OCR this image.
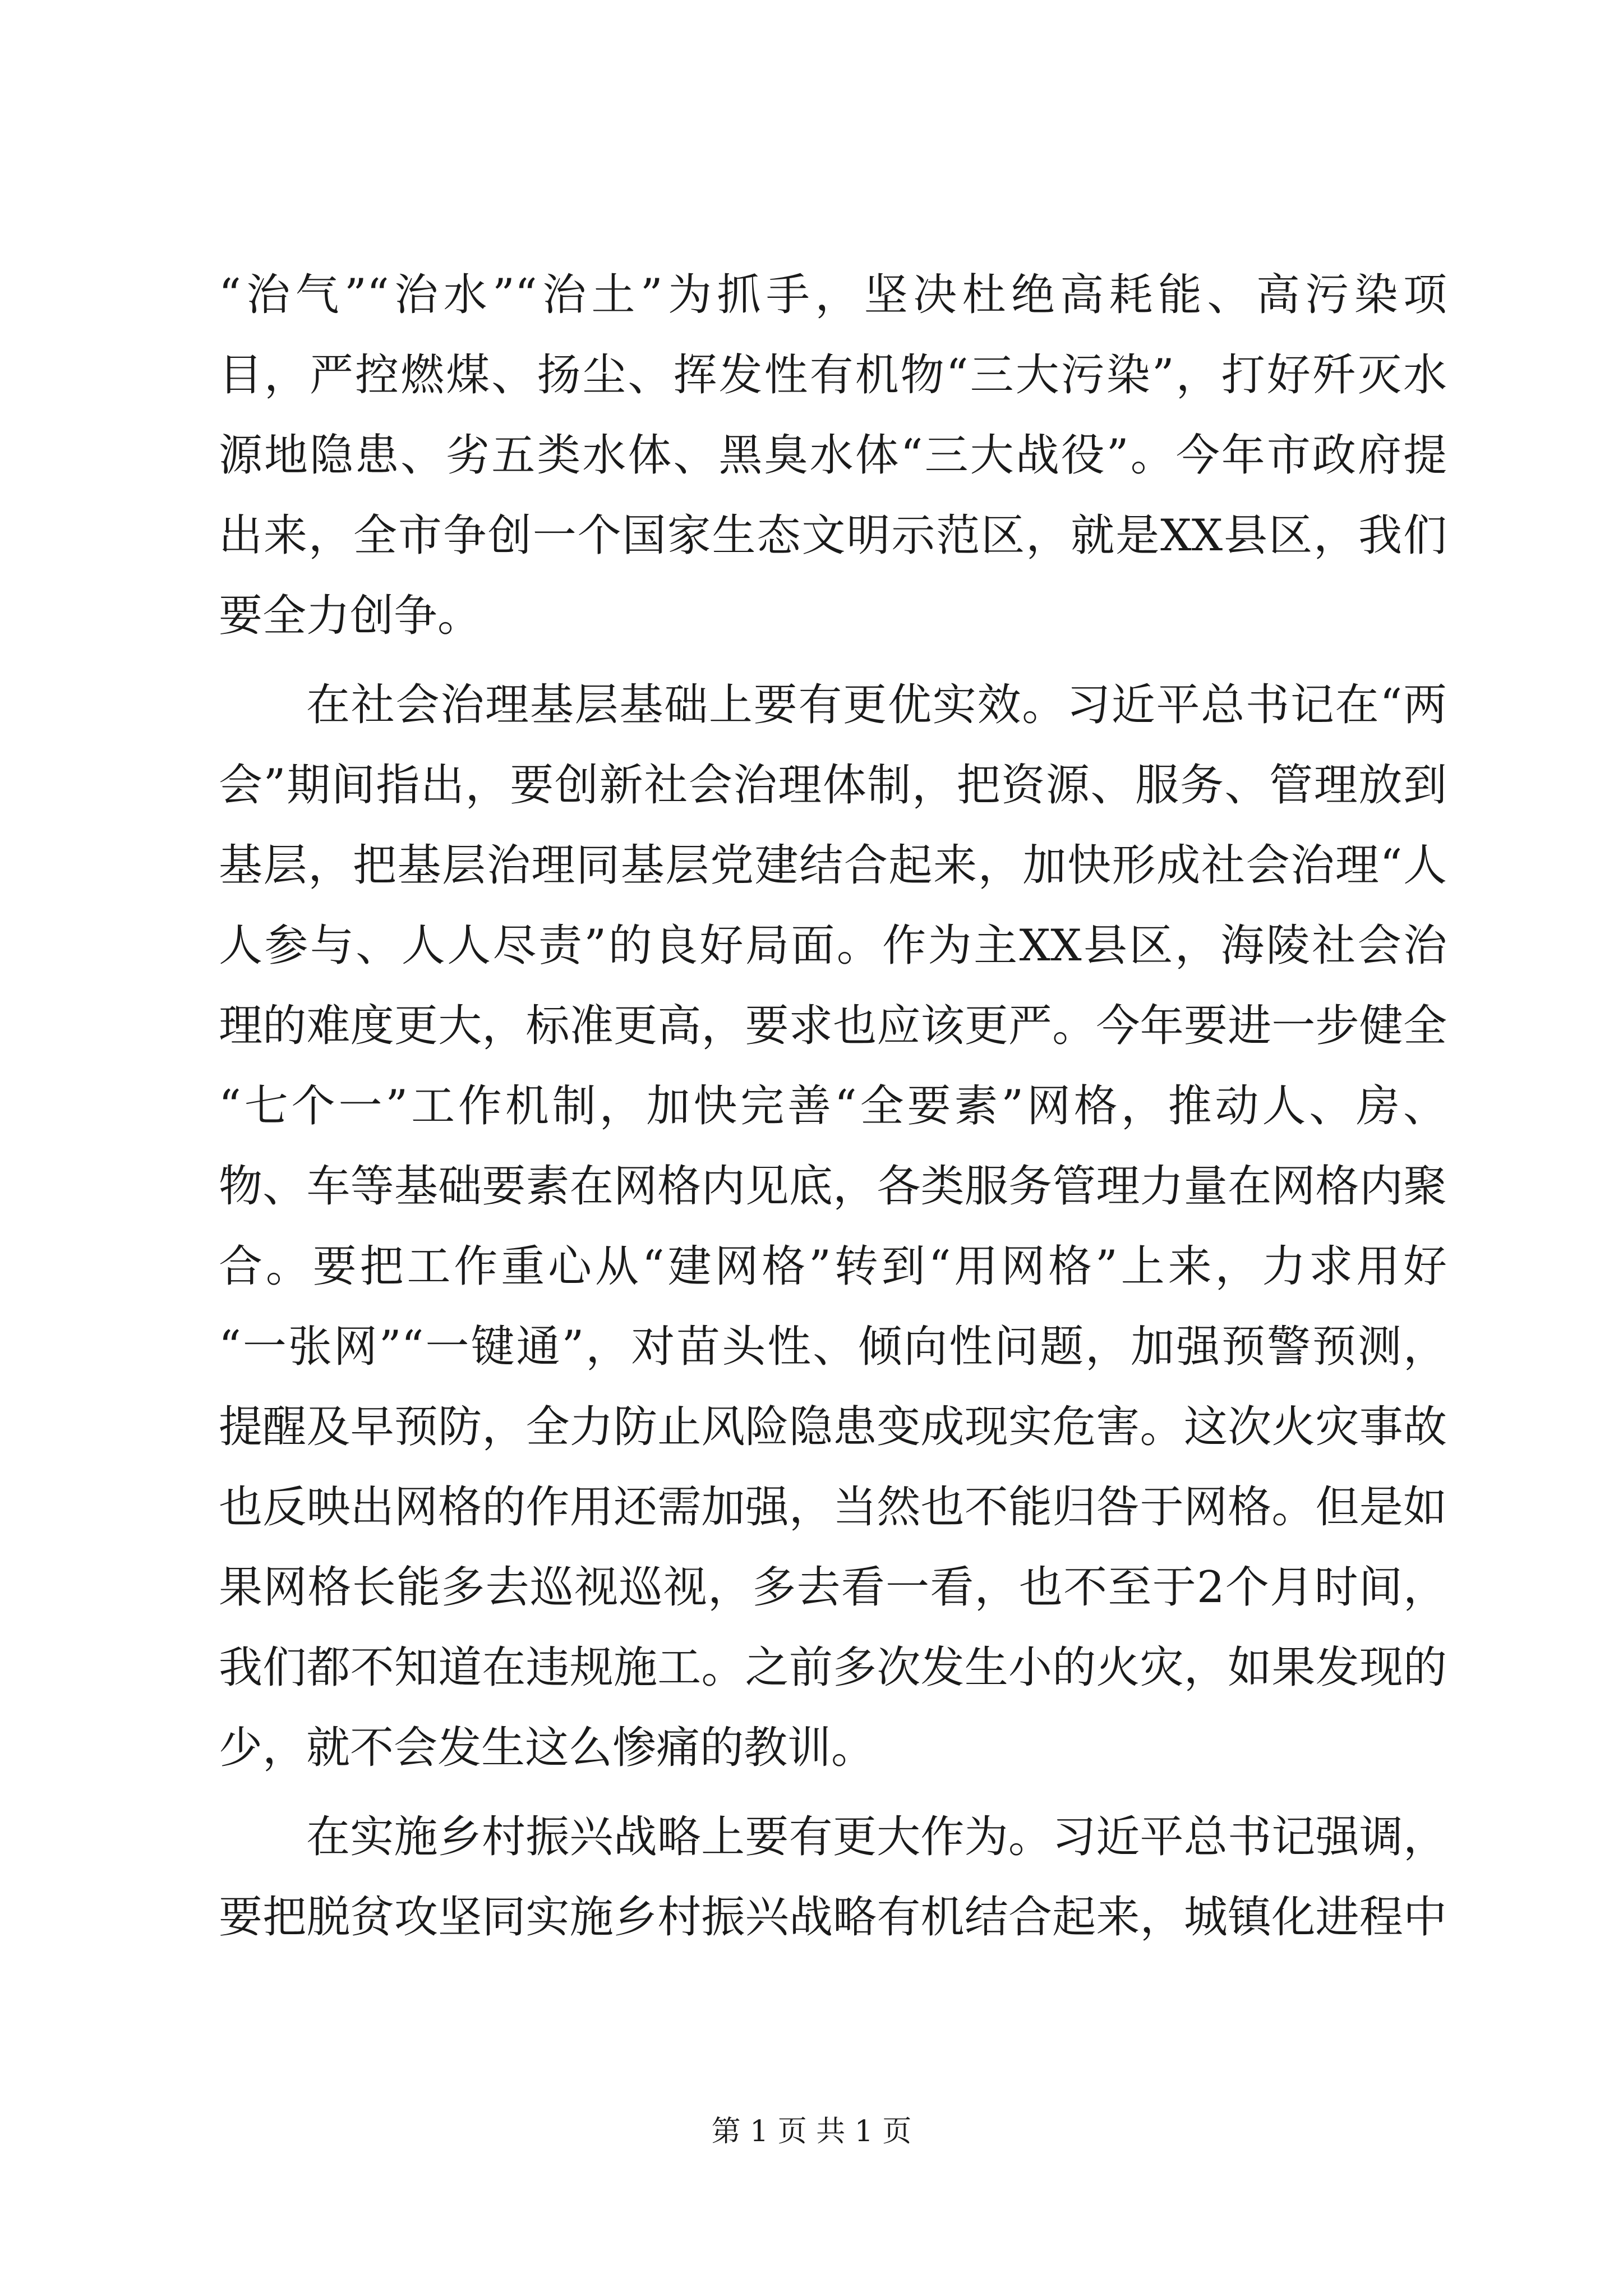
“治气”“治水”“治土”为抓手，坚决杜绝高耗能、高污染项
目，严控燃煤、扬尘、挥发性有机物“三大污染”，打好歼灭水
源地隐患、劣五类水体、黑臭水体“三大战役”。今年市政府提
出来，全市争创一个国家生态文明示范区，就是XX县区，我们
要全力创争。
在社会治理基层基础上要有更优实效。习近平总书记在“两
会”期间指出，要创新社会治理体制，把资源、服务、管理放到
基层，把基层治理同基层党建结合起来，加快形成社会治理“人
人参与、人人尽责”的良好局面。作为主XX县区，海陵社会治
理的难度更大，标准更高，要求也应该更严。今年要进一步健全
“七个一”工作机制，加快完善“全要素”网格，推动人、房、
物、车等基础要素在网格内见底，各类服务管理力量在网格内聚
合。要把工作重心从“建网格”转到“用网格”上来，力求用好
“一张网”“一键通”，对苗头性、倾向性问题，加强预警预测，
提醒及早预防，全力防止风险隐患变成现实危害。这次火灾事故
也反映出网格的作用还需加强，当然也不能归咎于网格。但是如
果网格长能多去巡视巡视，多去看一看，也不至于2个月时间，
我们都不知道在违规施工。之前多次发生小的火灾，如果发现的
少，就不会发生这么惨痛的教训。
在实施乡村振兴战略上要有更大作为。习近平总书记强调，
要把脱贫攻坚同实施乡村振兴战略有机结合起来，城镇化进程中
第 1 页 共 1 页
